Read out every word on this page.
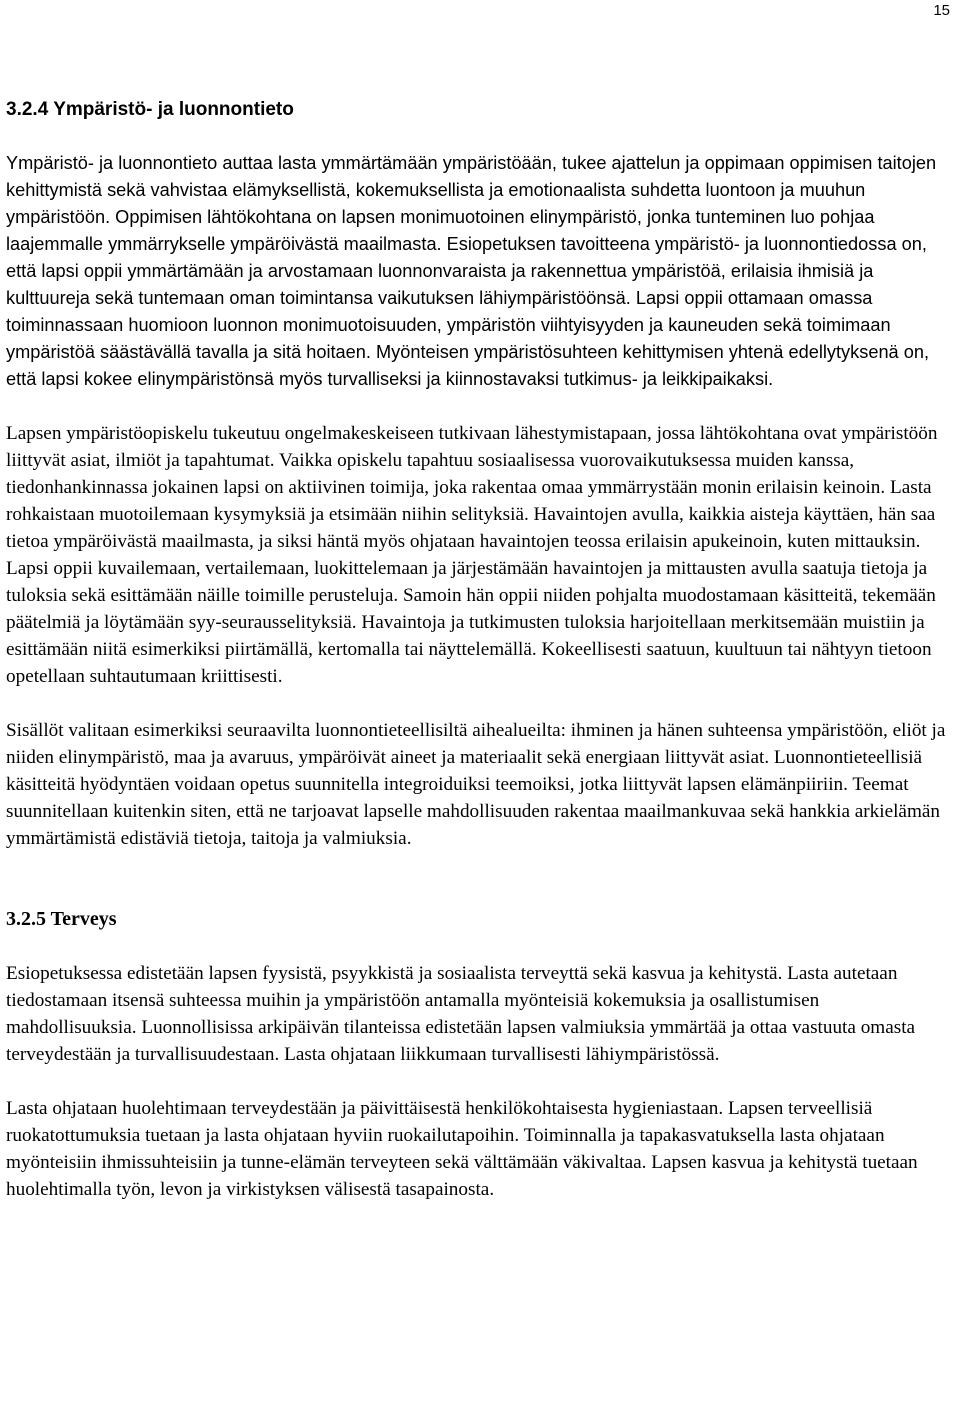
15
3.2.4 Ympäristö- ja luonnontieto

Ympäristö- ja luonnontieto auttaa lasta ymmärtämään ympäristöään, tukee ajattelun ja oppimaan oppimisen taitojen kehittymistä sekä vahvistaa elämyksellistä, kokemuksellista ja emotionaalista suhdetta luontoon ja muuhun ympäristöön. Oppimisen lähtökohtana on lapsen monimuotoinen elinympäristö, jonka tunteminen luo pohjaa laajemmalle ymmärrykselle ympäröivästä maailmasta. Esiopetuksen tavoitteena ympäristö- ja luonnontiedossa on, että lapsi oppii ymmärtämään ja arvostamaan luonnonvaraista ja rakennettua ympäristöä, erilaisia ihmisiä ja kulttuureja sekä tuntemaan oman toimintansa vaikutuksen lähiympäristöönsä. Lapsi oppii ottamaan omassa toiminnassaan huomioon luonnon monimuotoisuuden, ympäristön viihtyisyyden ja kauneuden sekä toimimaan ympäristöä säästävällä tavalla ja sitä hoitaen. Myönteisen ympäristösuhteen kehittymisen yhtenä edellytyksenä on, että lapsi kokee elinympäristönsä myös turvalliseksi ja kiinnostavaksi tutkimus- ja leikkipaikaksi.

Lapsen ympäristöopiskelu tukeutuu ongelmakeskeiseen tutkivaan lähestymistapaan, jossa lähtökohtana ovat ympäristöön liittyvät asiat, ilmiöt ja tapahtumat. Vaikka opiskelu tapahtuu sosiaalisessa vuorovaikutuksessa muiden kanssa, tiedonhankinnassa jokainen lapsi on aktiivinen toimija, joka rakentaa omaa ymmärrystään monin erilaisin keinoin. Lasta rohkaistaan muotoilemaan kysymyksiä ja etsimään niihin selityksiä. Havaintojen avulla, kaikkia aisteja käyttäen, hän saa tietoa ympäröivästä maailmasta, ja siksi häntä myös ohjataan havaintojen teossa erilaisin apukeinoin, kuten mittauksin. Lapsi oppii kuvailemaan, vertailemaan, luokittelemaan ja järjestämään havaintojen ja mittausten avulla saatuja tietoja ja tuloksia sekä esittämään näille toimille perusteluja. Samoin hän oppii niiden pohjalta muodostamaan käsitteitä, tekemään päätelmiä ja löytämään syy-seurausselityksiä. Havaintoja ja tutkimusten tuloksia harjoitellaan merkitsemään muistiin ja esittämään niitä esimerkiksi piirtämällä, kertomalla tai näyttelemällä. Kokeellisesti saatuun, kuultuun tai nähtyyn tietoon opetellaan suhtautumaan kriittisesti.

Sisällöt valitaan esimerkiksi seuraavilta luonnontieteellisiltä aihealueilta: ihminen ja hänen suhteensa ympäristöön, eliöt ja niiden elinympäristö, maa ja avaruus, ympäröivät aineet ja materiaalit sekä energiaan liittyvät asiat. Luonnontieteellisiä käsitteitä hyödyntäen voidaan opetus suunnitella integroiduiksi teemoiksi, jotka liittyvät lapsen elämänpiiriin. Teemat suunnitellaan kuitenkin siten, että ne tarjoavat lapselle mahdollisuuden rakentaa maailmankuvaa sekä hankkia arkielämän ymmärtämistä edistäviä tietoja, taitoja ja valmiuksia.

3.2.5 Terveys

Esiopetuksessa edistetään lapsen fyysistä, psyykkistä ja sosiaalista terveyttä sekä kasvua ja kehitystä. Lasta autetaan tiedostamaan itsensä suhteessa muihin ja ympäristöön antamalla myönteisiä kokemuksia ja osallistumisen mahdollisuuksia. Luonnollisissa arkipäivän tilanteissa edistetään lapsen valmiuksia ymmärtää ja ottaa vastuuta omasta terveydestään ja turvallisuudestaan. Lasta ohjataan liikkumaan turvallisesti lähiympäristössä.

Lasta ohjataan huolehtimaan terveydestään ja päivittäisestä henkilökohtaisesta hygieniastaan. Lapsen terveellisiä ruokatottumuksia tuetaan ja lasta ohjataan hyviin ruokailutapoihin. Toiminnalla ja tapakasvatuksella lasta ohjataan myönteisiin ihmissuhteisiin ja tunne-elämän terveyteen sekä välttämään väkivaltaa. Lapsen kasvua ja kehitystä tuetaan huolehtimalla työn, levon ja virkistyksen välisestä tasapainosta.
